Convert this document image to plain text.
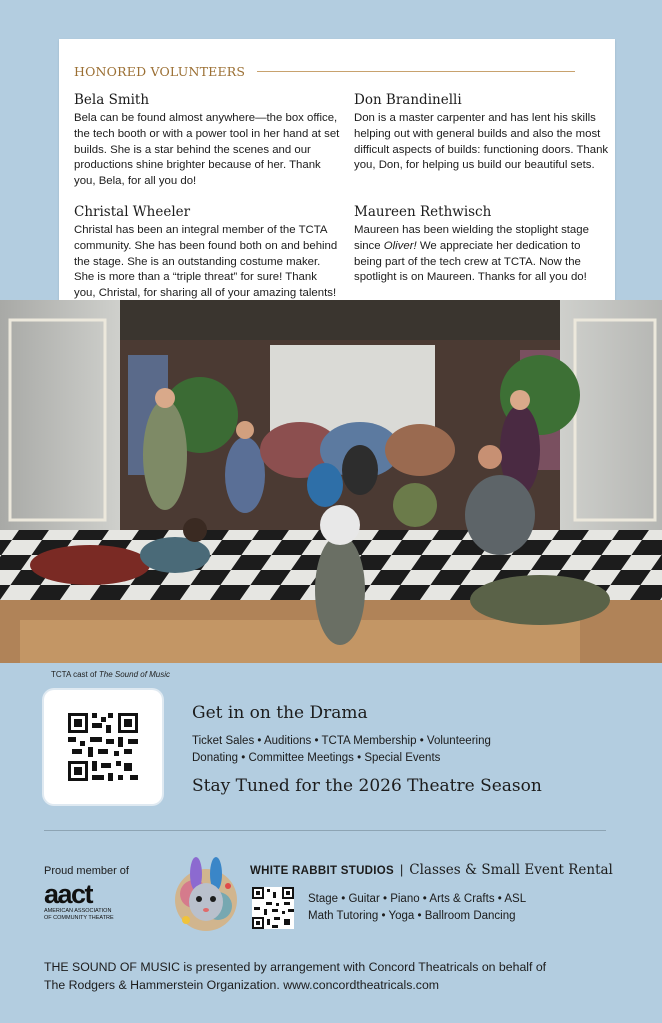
HONORED VOLUNTEERS
Bela Smith

Bela can be found almost anywhere—the box office, the tech booth or with a power tool in her hand at set builds. She is a star behind the scenes and our productions shine brighter because of her. Thank you, Bela, for all you do!

Don Brandinelli

Don is a master carpenter and has lent his skills helping out with general builds and also the most difficult aspects of builds: functioning doors. Thank you, Don, for helping us build our beautiful sets.

Christal Wheeler

Christal has been an integral member of the TCTA community. She has been found both on and behind the stage. She is an outstanding costume maker. She is more than a “triple threat” for sure! Thank you, Christal, for sharing all of your amazing talents!

Maureen Rethwisch

Maureen has been wielding the stoplight stage since Oliver! We appreciate her dedication to being part of the tech crew at TCTA. Now the spotlight is on Maureen. Thanks for all you do!

TCTA cast of The Sound of Music
Get in on the Drama
Ticket Sales • Auditions • TCTA Membership • Volunteering
Donating • Committee Meetings • Special Events
Stay Tuned for the 2026 Theatre Season
Proud member of
aact
AMERICAN ASSOCIATION
OF COMMUNITY THEATRE
WHITE RABBIT STUDIOS | Classes & Small Event Rental
Stage • Guitar • Piano • Arts & Crafts • ASL
Math Tutoring • Yoga • Ballroom Dancing
THE SOUND OF MUSIC is presented by arrangement with Concord Theatricals on behalf of
The Rodgers & Hammerstein Organization. www.concordtheatricals.com
